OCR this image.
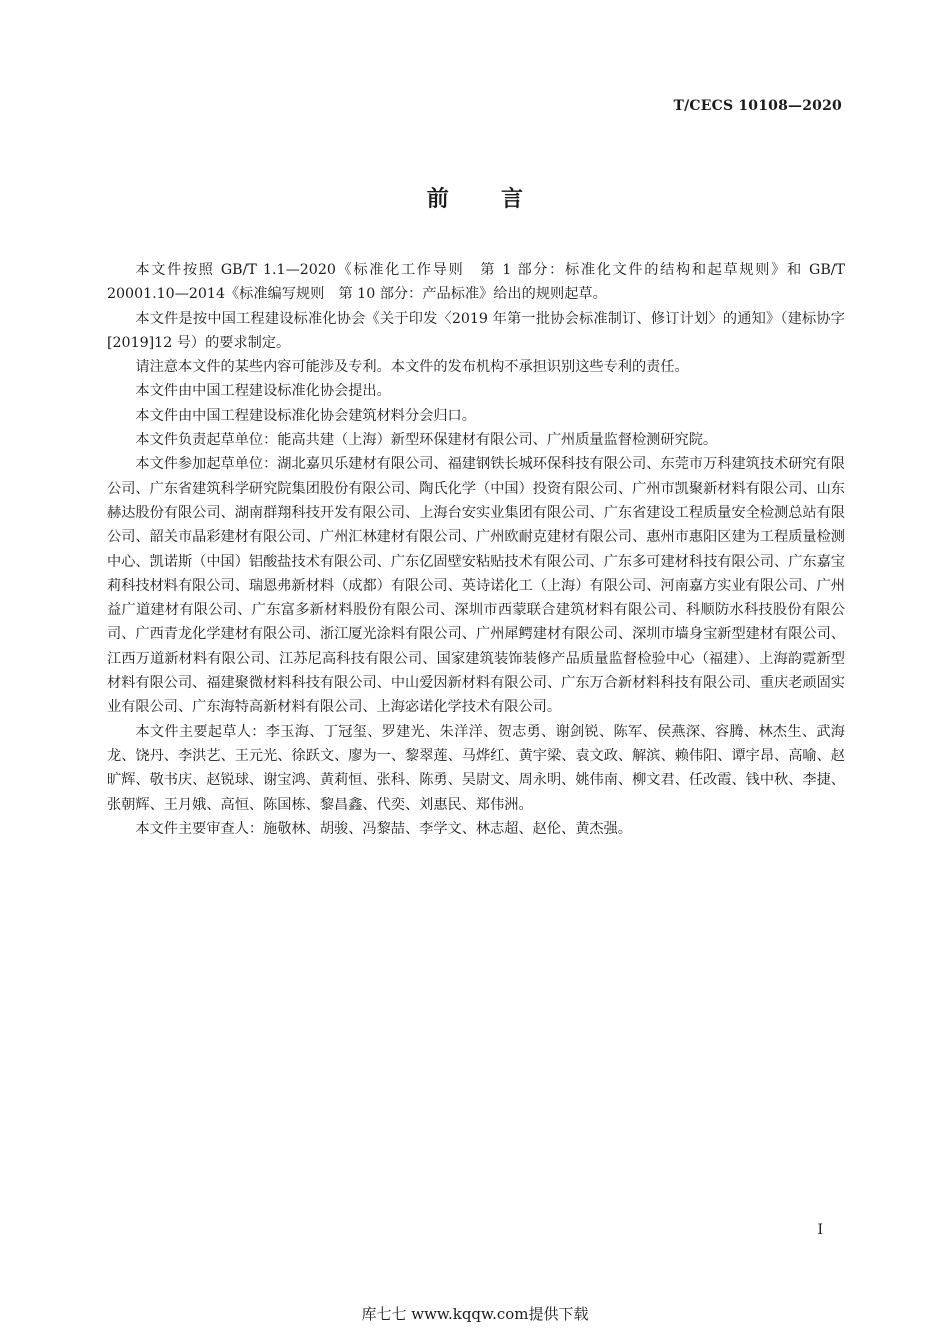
T/CECS 10108—2020
前 言

本文件按照 GB/T 1.1—2020《标准化工作导则　第 1 部分：标准化文件的结构和起草规则》和 GB/T 20001.10—2014《标准编写规则　第 10 部分：产品标准》给出的规则起草。

本文件是按中国工程建设标准化协会《关于印发〈2019 年第一批协会标准制订、修订计划〉的通知》（建标协字[2019]12 号）的要求制定。

请注意本文件的某些内容可能涉及专利。本文件的发布机构不承担识别这些专利的责任。

本文件由中国工程建设标准化协会提出。

本文件由中国工程建设标准化协会建筑材料分会归口。

本文件负责起草单位：能高共建（上海）新型环保建材有限公司、广州质量监督检测研究院。

本文件参加起草单位：湖北嘉贝乐建材有限公司、福建钢铁长城环保科技有限公司、东莞市万科建筑技术研究有限公司、广东省建筑科学研究院集团股份有限公司、陶氏化学（中国）投资有限公司、广州市凯聚新材料有限公司、山东赫达股份有限公司、湖南群翔科技开发有限公司、上海台安实业集团有限公司、广东省建设工程质量安全检测总站有限公司、韶关市晶彩建材有限公司、广州汇林建材有限公司、广州欧耐克建材有限公司、惠州市惠阳区建为工程质量检测中心、凯诺斯（中国）铝酸盐技术有限公司、广东亿固壁安粘贴技术有限公司、广东多可建材科技有限公司、广东嘉宝莉科技材料有限公司、瑞恩弗新材料（成都）有限公司、英诗诺化工（上海）有限公司、河南嘉方实业有限公司、广州益广道建材有限公司、广东富多新材料股份有限公司、深圳市西蒙联合建筑材料有限公司、科顺防水科技股份有限公司、广西青龙化学建材有限公司、浙江厦光涂料有限公司、广州犀鳄建材有限公司、深圳市墙身宝新型建材有限公司、江西万道新材料有限公司、江苏尼高科技有限公司、国家建筑装饰装修产品质量监督检验中心（福建）、上海韵霓新型材料有限公司、福建聚微材料科技有限公司、中山爱因新材料有限公司、广东万合新材料科技有限公司、重庆老顽固实业有限公司、广东海特高新材料有限公司、上海宓诺化学技术有限公司。

本文件主要起草人：李玉海、丁冠玺、罗建光、朱洋洋、贺志勇、谢剑锐、陈军、侯燕深、容腾、林杰生、武海龙、饶丹、李洪艺、王元光、徐跃文、廖为一、黎翠莲、马烨红、黄宇梁、袁文政、解滨、赖伟阳、谭宇昂、高喻、赵旷辉、敬书庆、赵锐球、谢宝鸿、黄莉恒、张科、陈勇、吴尉文、周永明、姚伟南、柳文君、任改霞、钱中秋、李捷、张朝辉、王月娥、高恒、陈国栋、黎昌鑫、代奕、刘惠民、郑伟洲。

本文件主要审查人：施敬林、胡骏、冯黎喆、李学文、林志超、赵伦、黄杰强。

I
库七七 www.kqqw.com提供下载
